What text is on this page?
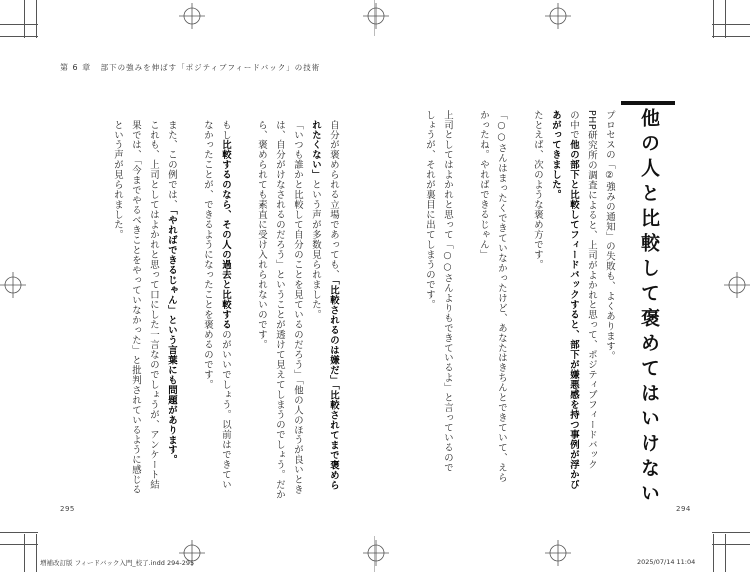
第 6 章 部下の強みを伸ばす「ポジティブフィードバック」の技術
他の人と比較して褒めてはいけない
プロセスの「②強みの通知」の失敗も、よくあります。
PHP研究所の調査によると、上司がよかれと思って、ポジティブフィードバック
の中で他の部下と比較してフィードバックすると、部下が嫌悪感を持つ事例が浮かび
あがってきました。
たとえば、次のような褒め方です。

「○○さんはまったくできていなかったけど、あなたはきちんとできていて、えら
かったね。やればできるじゃん」

上司としてはよかれと思って「○○さんよりもできているよ」と言っているので
しょうが、それが裏目に出てしまうのです。
自分が褒められる立場であっても、「比較されるのは嫌だ」「比較されてまで褒めら
れたくない」という声が多数見られました。
「いつも誰かと比較して自分のことを見ているのだろう」「他の人のほうが良いとき
は、自分がけなされるのだろう」ということが透けて見えてしまうのでしょう。だか
ら、褒められても素直に受け入れられないのです。

もし比較するのなら、その人の過去と比較するのがいいでしょう。以前はできてい
なかったことが、できるようになったことを褒めるのです。

また、この例では、「やればできるじゃん」という言葉にも問題があります。
これも、上司としてはよかれと思って口にした一言なのでしょうが、アンケート結
果では、「今までやるべきことをやっていなかった」と批判されているように感じる
という声が見られました。
295	294
増補改訂版 フィードバック入門_校了.indd 294-295	2025/07/14 11:04
